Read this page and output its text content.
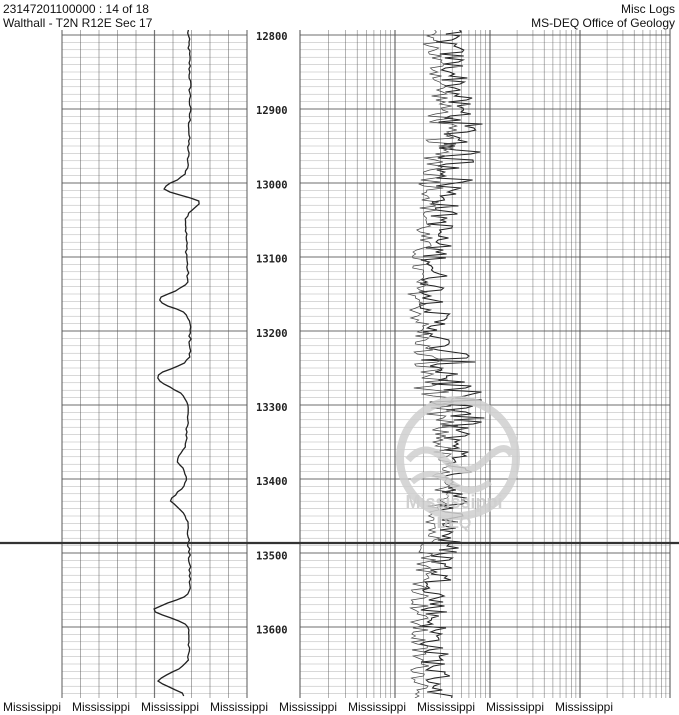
23147201100000 : 14 of 18
Walthall - T2N R12E Sec 17
Misc Logs
MS-DEQ Office of Geology
12800
12900
13000
13100
13200
13300
13400
13500
13600
Mississippi
DEQ
Mississippi Mississippi Mississippi Mississippi Mississippi Mississippi Mississippi Mississippi Mississippi
